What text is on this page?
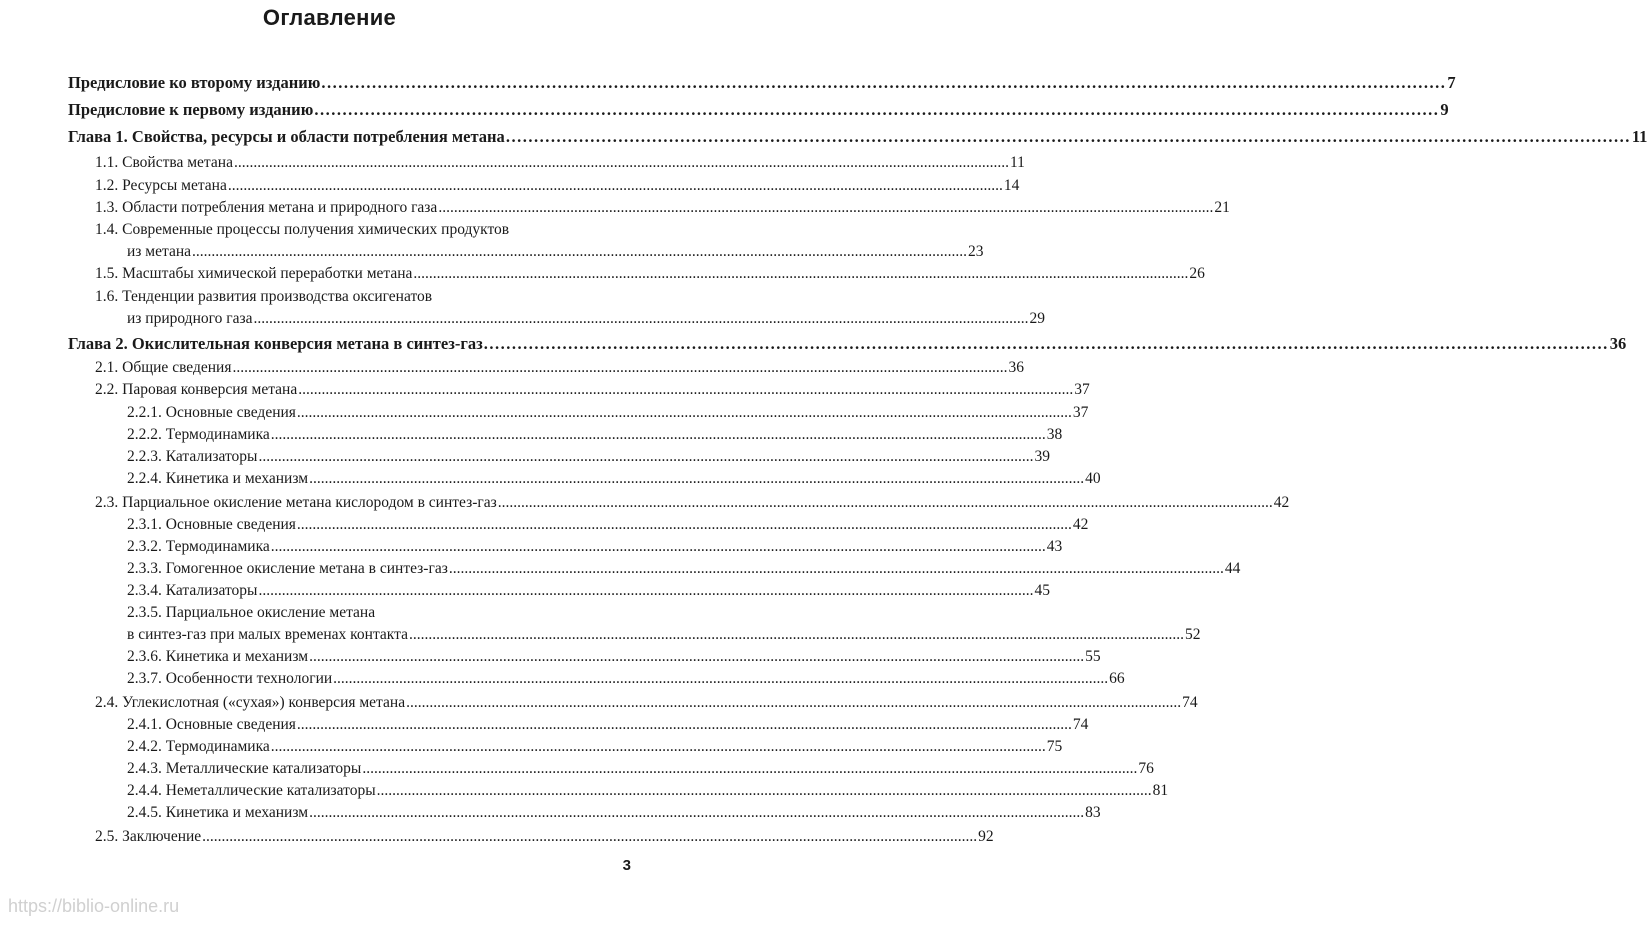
Оглавление
Предисловие ко второму изданию ........................................................................................................................................................................................................ 7
Предисловие к первому изданию ........................................................................................................................................................................................................ 9
Глава 1. Свойства, ресурсы и области потребления метана ........................................................................................................................................................................................................ 11
1.1. Свойства метана ........................................................................................................................................................................................................ 11
1.2. Ресурсы метана ........................................................................................................................................................................................................ 14
1.3. Области потребления метана и природного газа ........................................................................................................................................................................................................ 21
1.4. Современные процессы получения химических продуктов
из метана ........................................................................................................................................................................................................ 23
1.5. Масштабы химической переработки метана ........................................................................................................................................................................................................ 26
1.6. Тенденции развития производства оксигенатов
из природного газа ........................................................................................................................................................................................................ 29
Глава 2. Окислительная конверсия метана в синтез-газ ........................................................................................................................................................................................................ 36
2.1. Общие сведения ........................................................................................................................................................................................................ 36
2.2. Паровая конверсия метана ........................................................................................................................................................................................................ 37
2.2.1. Основные сведения ........................................................................................................................................................................................................ 37
2.2.2. Термодинамика ........................................................................................................................................................................................................ 38
2.2.3. Катализаторы ........................................................................................................................................................................................................ 39
2.2.4. Кинетика и механизм ........................................................................................................................................................................................................ 40
2.3. Парциальное окисление метана кислородом в синтез-газ ........................................................................................................................................................................................................ 42
2.3.1. Основные сведения ........................................................................................................................................................................................................ 42
2.3.2. Термодинамика ........................................................................................................................................................................................................ 43
2.3.3. Гомогенное окисление метана в синтез-газ ........................................................................................................................................................................................................ 44
2.3.4. Катализаторы ........................................................................................................................................................................................................ 45
2.3.5. Парциальное окисление метана
в синтез-газ при малых временах контакта ........................................................................................................................................................................................................ 52
2.3.6. Кинетика и механизм ........................................................................................................................................................................................................ 55
2.3.7. Особенности технологии ........................................................................................................................................................................................................ 66
2.4. Углекислотная («сухая») конверсия метана ........................................................................................................................................................................................................ 74
2.4.1. Основные сведения ........................................................................................................................................................................................................ 74
2.4.2. Термодинамика ........................................................................................................................................................................................................ 75
2.4.3. Металлические катализаторы ........................................................................................................................................................................................................ 76
2.4.4. Неметаллические катализаторы ........................................................................................................................................................................................................ 81
2.4.5. Кинетика и механизм ........................................................................................................................................................................................................ 83
2.5. Заключение ........................................................................................................................................................................................................ 92
3
https://biblio-online.ru
